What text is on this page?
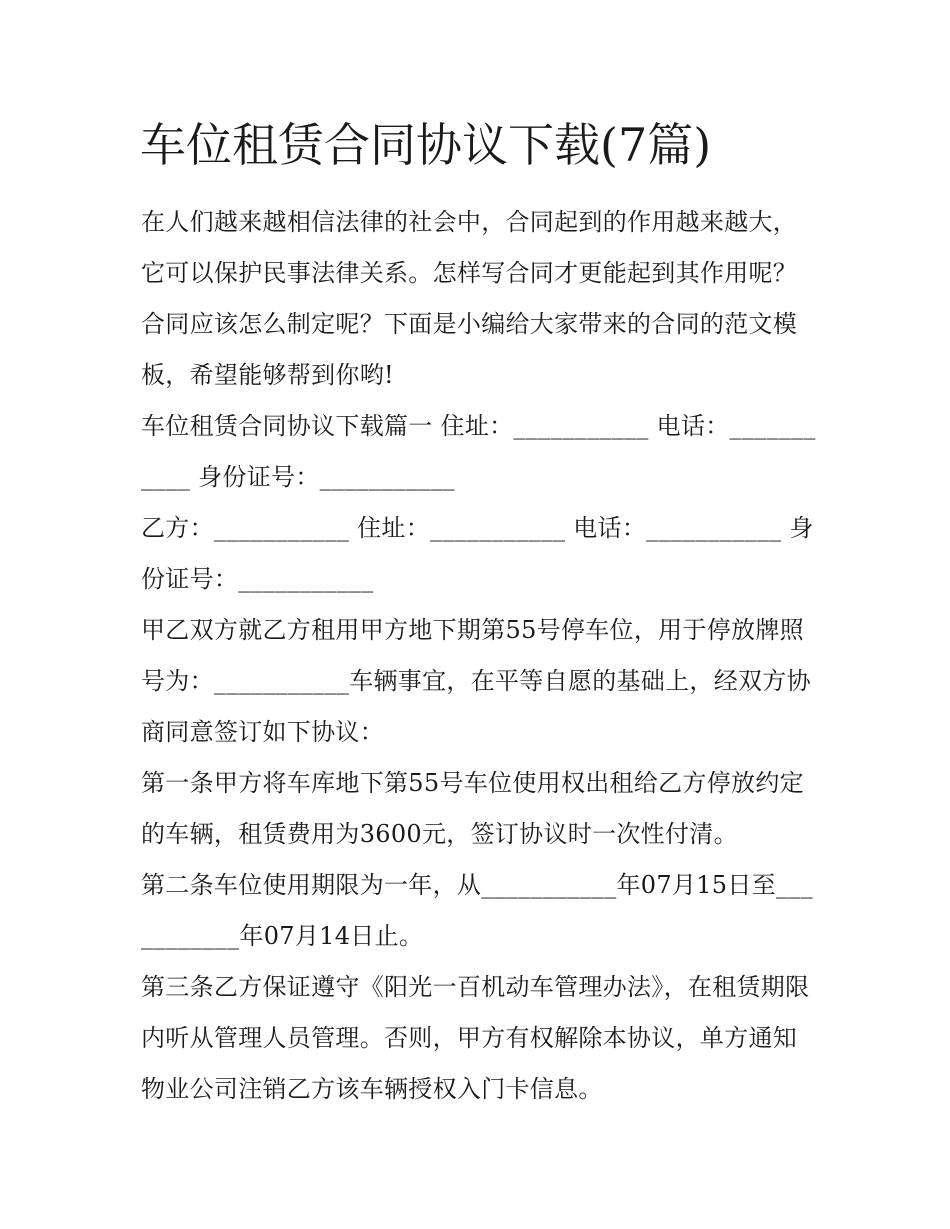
车位租赁合同协议下载(7篇)

在人们越来越相信法律的社会中，合同起到的作用越来越大，它可以保护民事法律关系。怎样写合同才更能起到其作用呢？合同应该怎么制定呢？下面是小编给大家带来的合同的范文模板，希望能够帮到你哟!

车位租赁合同协议下载篇一 住址：___________ 电话：___________ 身份证号：___________

乙方：___________ 住址：___________ 电话：___________ 身份证号：___________

甲乙双方就乙方租用甲方地下期第55号停车位，用于停放牌照号为：___________车辆事宜，在平等自愿的基础上，经双方协商同意签订如下协议：

第一条甲方将车库地下第55号车位使用权出租给乙方停放约定的车辆，租赁费用为3600元，签订协议时一次性付清。

第二条车位使用期限为一年，从___________年07月15日至___________年07月14日止。

第三条乙方保证遵守《阳光一百机动车管理办法》，在租赁期限内听从管理人员管理。否则，甲方有权解除本协议，单方通知物业公司注销乙方该车辆授权入门卡信息。
